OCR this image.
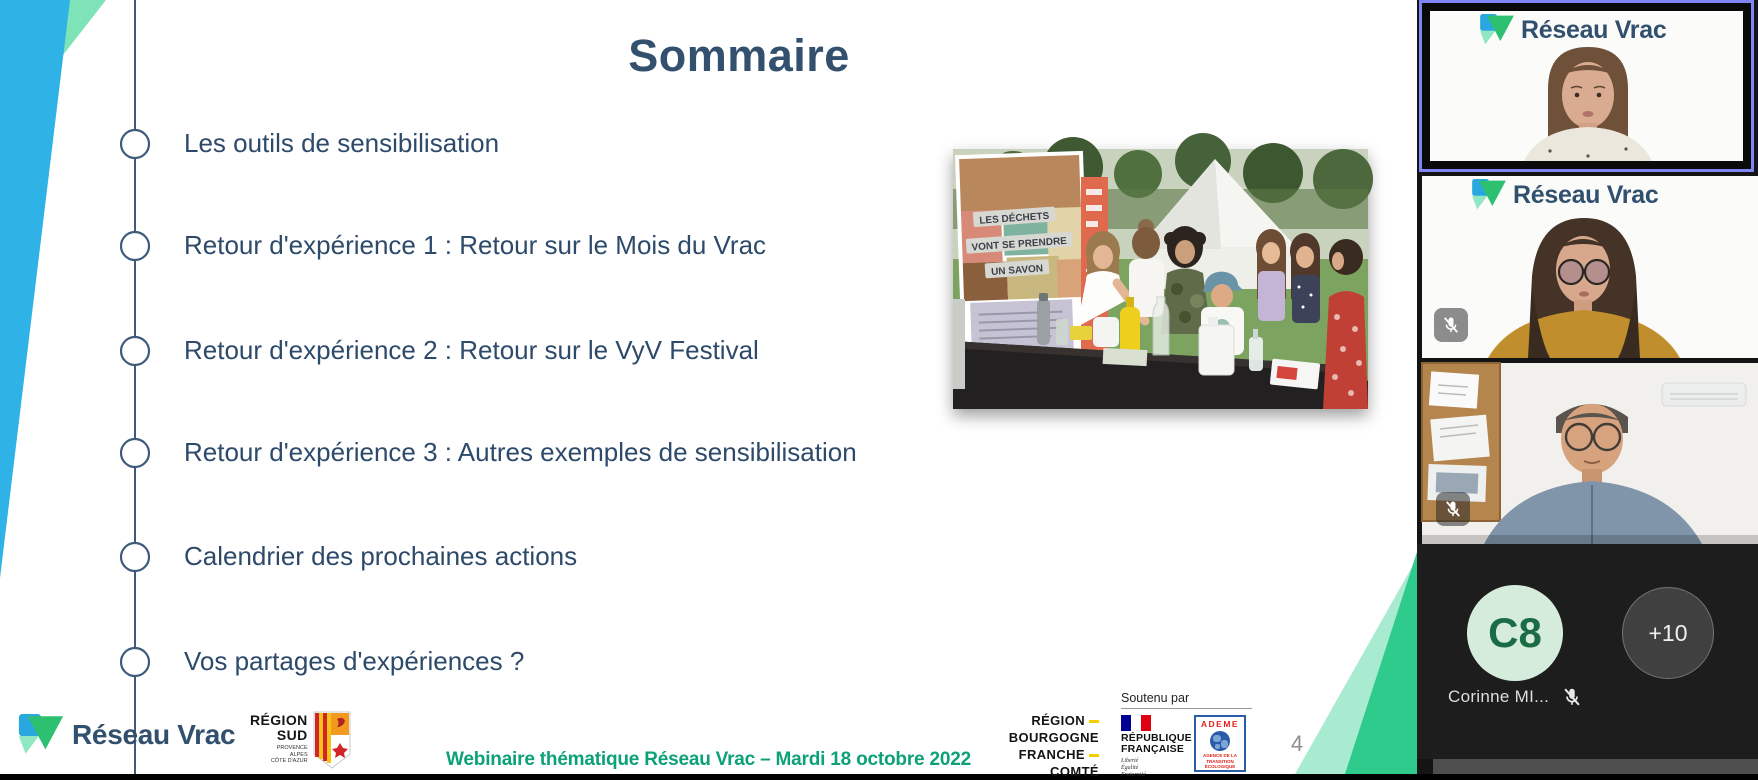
Sommaire
Les outils de sensibilisation
Retour d'expérience 1 : Retour sur le Mois du Vrac
Retour d'expérience 2 : Retour sur le VyV Festival
Retour d'expérience 3 : Autres exemples de sensibilisation
Calendrier des prochaines actions
Vos partages d'expériences ?
LES DÉCHETS
VONT SE PRENDRE
UN SAVON
Réseau Vrac RÉGION
SUD
PROVENCE
ALPES
CÔTE D'AZUR
RÉGION
BOURGOGNE
FRANCHE
COMTÉ
Soutenu par
RÉPUBLIQUE
FRANÇAISE
Liberté
Égalité
Fraternité
ADEME
AGENCE DE LA TRANSITION ÉCOLOGIQUE
Webinaire thématique Réseau Vrac – Mardi 18 octobre 2022
4
Réseau Vrac
Réseau Vrac
C8	+10
Corinne MI...
